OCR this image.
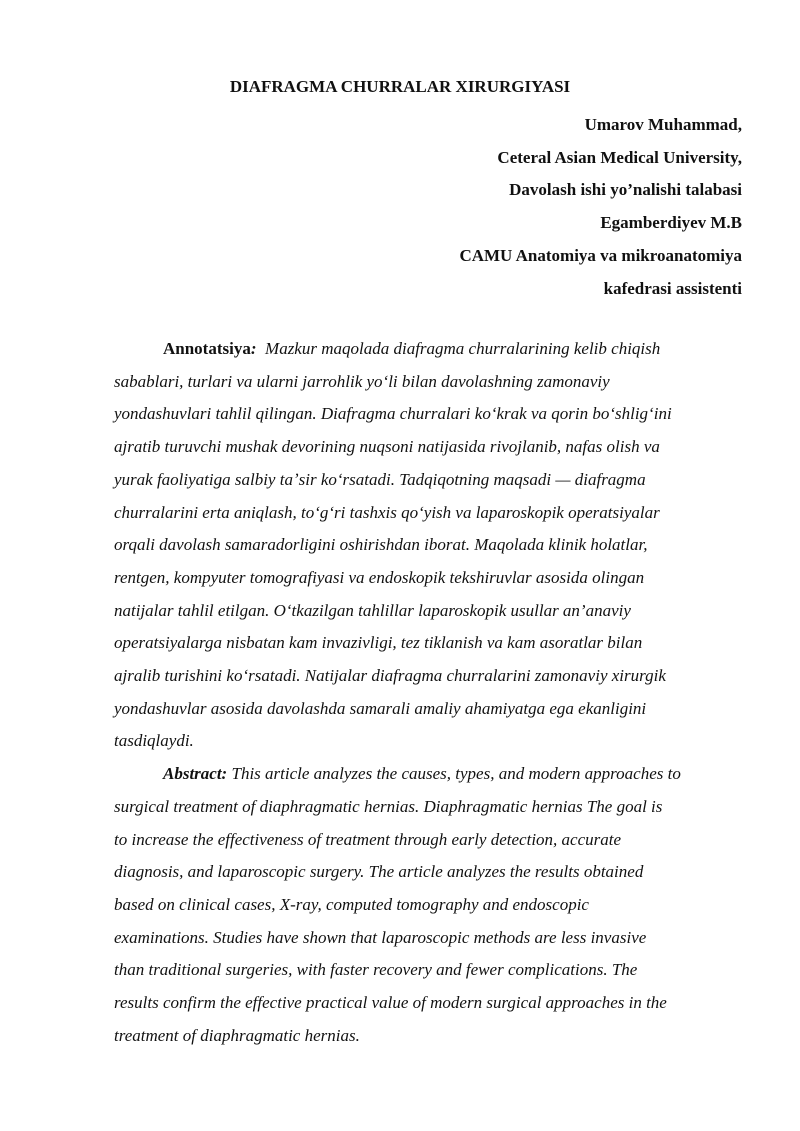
DIAFRAGMA CHURRALAR XIRURGIYASI
Umarov Muhammad,
Ceteral Asian Medical University,
Davolash ishi yo’nalishi talabasi
Egamberdiyev M.B
CAMU Anatomiya va mikroanatomiya
kafedrasi assistenti

Annotatsiya: Mazkur maqolada diafragma churralarining kelib chiqish
sabablari, turlari va ularni jarrohlik yoʻli bilan davolashning zamonaviy
yondashuvlari tahlil qilingan. Diafragma churralari koʻkrak va qorin boʻshligʻini
ajratib turuvchi mushak devorining nuqsoni natijasida rivojlanib, nafas olish va
yurak faoliyatiga salbiy taʼsir koʻrsatadi. Tadqiqotning maqsadi — diafragma
churralarini erta aniqlash, toʻgʻri tashxis qoʻyish va laparoskopik operatsiyalar
orqali davolash samaradorligini oshirishdan iborat. Maqolada klinik holatlar,
rentgen, kompyuter tomografiyasi va endoskopik tekshiruvlar asosida olingan
natijalar tahlil etilgan. Oʻtkazilgan tahlillar laparoskopik usullar an’anaviy
operatsiyalarga nisbatan kam invazivligi, tez tiklanish va kam asoratlar bilan
ajralib turishini koʻrsatadi. Natijalar diafragma churralarini zamonaviy xirurgik
yondashuvlar asosida davolashda samarali amaliy ahamiyatga ega ekanligini
tasdiqlaydi.

Abstract: This article analyzes the causes, types, and modern approaches to
surgical treatment of diaphragmatic hernias. Diaphragmatic hernias The goal is
to increase the effectiveness of treatment through early detection, accurate
diagnosis, and laparoscopic surgery. The article analyzes the results obtained
based on clinical cases, X-ray, computed tomography and endoscopic
examinations. Studies have shown that laparoscopic methods are less invasive
than traditional surgeries, with faster recovery and fewer complications. The
results confirm the effective practical value of modern surgical approaches in the
treatment of diaphragmatic hernias.
